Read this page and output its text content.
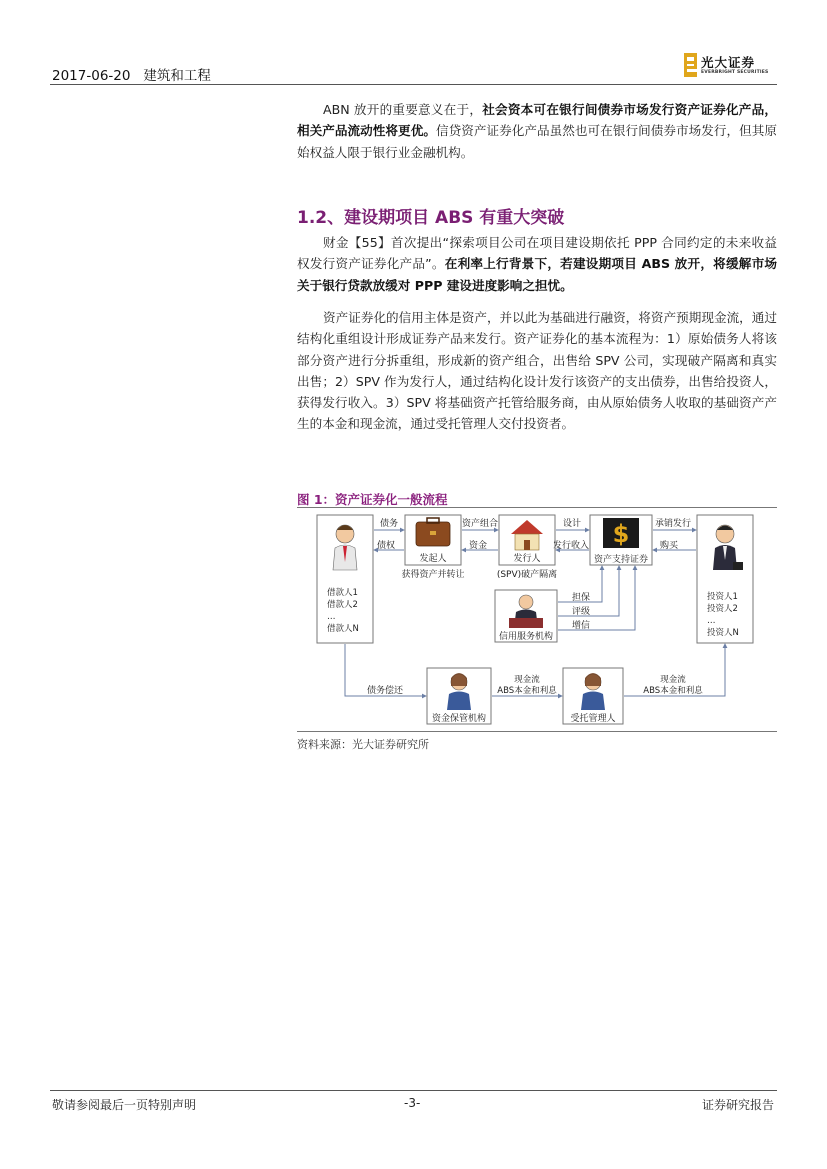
2017-06-20 建筑和工程
光大证券
EVERBRIGHT SECURITIES

ABN 放开的重要意义在于，社会资本可在银行间债券市场发行资产证券化产品，相关产品流动性将更优。信贷资产证券化产品虽然也可在银行间债券市场发行，但其原始权益人限于银行业金融机构。

1.2、建设期项目 ABS 有重大突破

财金【55】首次提出“探索项目公司在项目建设期依托 PPP 合同约定的未来收益权发行资产证券化产品”。在利率上行背景下，若建设期项目 ABS 放开，将缓解市场关于银行贷款放缓对 PPP 建设进度影响之担忧。

资产证券化的信用主体是资产，并以此为基础进行融资，将资产预期现金流，通过结构化重组设计形成证券产品来发行。资产证券化的基本流程为：1）原始债务人将该部分资产进行分拆重组，形成新的资产组合，出售给 SPV 公司，实现破产隔离和真实出售；2）SPV 作为发行人，通过结构化设计发行该资产的支出债券，出售给投资人，获得发行收入。3）SPV 将基础资产托管给服务商，由从原始债务人收取的基础资产产生的本金和现金流，通过受托管理人交付投资者。

图 1：资产证券化一般流程
$
发起人	发行人	资产支持证券
信用服务机构
资金保管机构	受托管理人
获得资产并转让	(SPV)破产隔离
借款人1
借款人2
…
借款人N
投资人1
投资人2
…
投资人N
债务
债权
资产组合
资金
设计
发行收入
承销发行
购买
担保
评级
增信
债务偿还
现金流
ABS本金和利息
现金流
ABS本金和利息
资料来源：光大证券研究所
敬请参阅最后一页特别声明	-3-	证券研究报告
